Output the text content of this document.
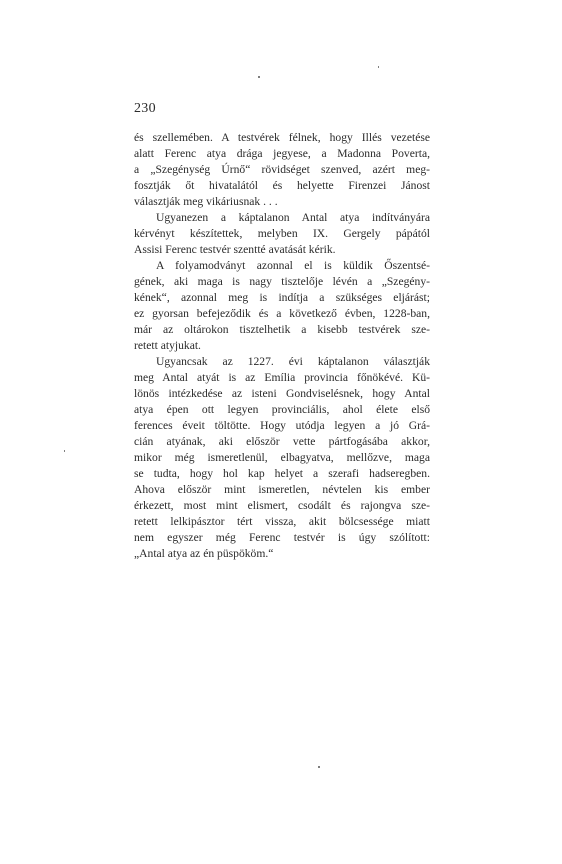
230
és szellemében. A testvérek félnek, hogy Illés vezetése
alatt Ferenc atya drága jegyese, a Madonna Poverta,
a „Szegénység Úrnő“ rövidséget szenved, azért meg-
fosztják őt hivatalától és helyette Firenzei Jánost
választják meg vikáriusnak . . .
Ugyanezen a káptalanon Antal atya indítványára
kérvényt készítettek, melyben IX. Gergely pápától
Assisi Ferenc testvér szentté avatását kérik.
A folyamodványt azonnal el is küldik Őszentsé-
gének, aki maga is nagy tisztelője lévén a „Szegény-
kének“, azonnal meg is indítja a szükséges eljárást;
ez gyorsan befejeződik és a következő évben, 1228-ban,
már az oltárokon tisztelhetik a kisebb testvérek sze-
retett atyjukat.
Ugyancsak az 1227. évi káptalanon választják
meg Antal atyát is az Emília provincia főnökévé. Kü-
lönös intézkedése az isteni Gondviselésnek, hogy Antal
atya épen ott legyen provinciális, ahol élete első
ferences éveit töltötte. Hogy utódja legyen a jó Grá-
cián atyának, aki először vette pártfogásába akkor,
mikor még ismeretlenül, elbagyatva, mellőzve, maga
se tudta, hogy hol kap helyet a szerafi hadseregben.
Ahova először mint ismeretlen, névtelen kis ember
érkezett, most mint elismert, csodált és rajongva sze-
retett lelkipásztor tért vissza, akit bölcsessége miatt
nem egyszer még Ferenc testvér is úgy szólított:
„Antal atya az én püspököm.“
